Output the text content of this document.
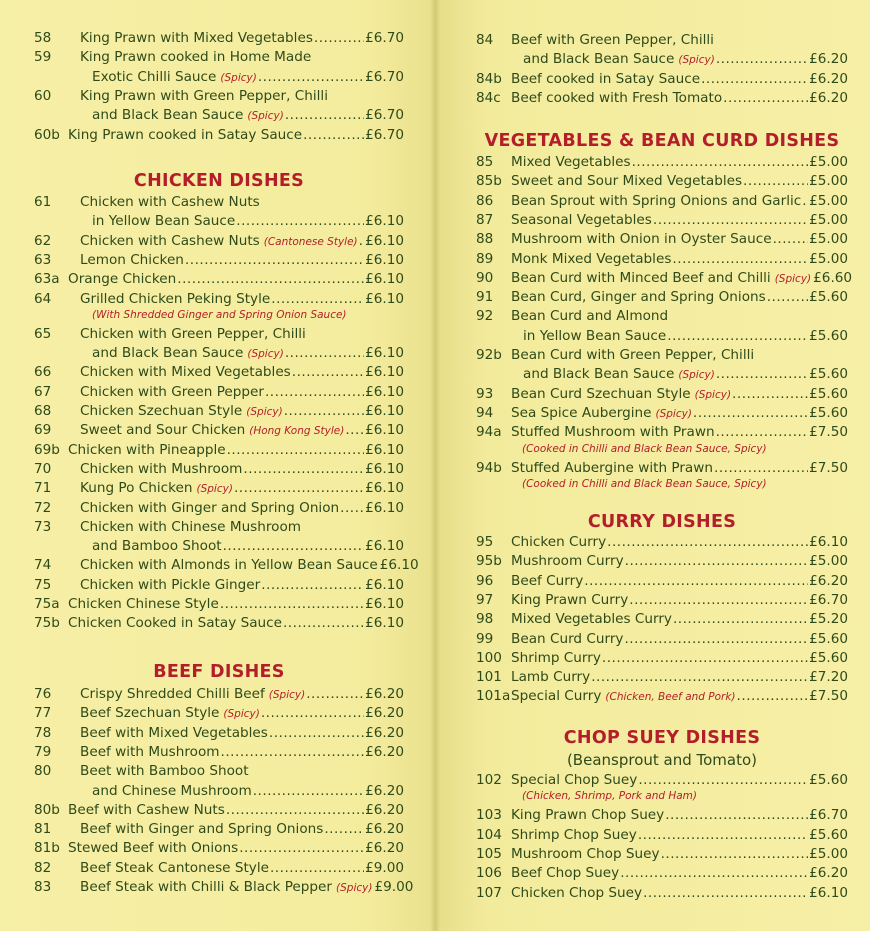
58 King Prawn with Mixed Vegetables .....	£6.70
59 King Prawn cooked in Home Made
Exotic Chilli Sauce (Spicy) .....	£6.70
60 King Prawn with Green Pepper, Chilli
and Black Bean Sauce (Spicy) .....	£6.70
60b King Prawn cooked in Satay Sauce .....	£6.70
CHICKEN DISHES
61 Chicken with Cashew Nuts
in Yellow Bean Sauce .....	£6.10
62 Chicken with Cashew Nuts (Cantonese Style) ..... £6.10
63 Lemon Chicken .....	£6.10
63a Orange Chicken .....	£6.10
64 Grilled Chicken Peking Style .....	£6.10
(With Shredded Ginger and Spring Onion Sauce)
65 Chicken with Green Pepper, Chilli
and Black Bean Sauce (Spicy) .....	£6.10
66 Chicken with Mixed Vegetables .....	£6.10
67 Chicken with Green Pepper .....	£6.10
68 Chicken Szechuan Style (Spicy) .....	£6.10
69 Sweet and Sour Chicken (Hong Kong Style) ..... £6.10
69b Chicken with Pineapple .....	£6.10
70 Chicken with Mushroom .....	£6.10
71 Kung Po Chicken (Spicy) .....	£6.10
72 Chicken with Ginger and Spring Onion ..... £6.10
73 Chicken with Chinese Mushroom
and Bamboo Shoot .....	£6.10
74 Chicken with Almonds in Yellow Bean Sauce £6.10
75 Chicken with Pickle Ginger .....	£6.10
75a Chicken Chinese Style .....	£6.10
75b Chicken Cooked in Satay Sauce .....	£6.10
BEEF DISHES
76 Crispy Shredded Chilli Beef (Spicy) .....	£6.20
77 Beef Szechuan Style (Spicy) .....	£6.20
78 Beef with Mixed Vegetables .....	£6.20
79 Beef with Mushroom .....	£6.20
80 Beet with Bamboo Shoot
and Chinese Mushroom .....	£6.20
80b Beef with Cashew Nuts .....	£6.20
81 Beef with Ginger and Spring Onions .....	£6.20
81b Stewed Beef with Onions .....	£6.20
82 Beef Steak Cantonese Style .....	£9.00
83 Beef Steak with Chilli & Black Pepper (Spicy) £9.00
84 Beef with Green Pepper, Chilli
and Black Bean Sauce (Spicy) .....	£6.20
84b Beef cooked in Satay Sauce .....	£6.20
84c Beef cooked with Fresh Tomato .....	£6.20
VEGETABLES & BEAN CURD DISHES
85 Mixed Vegetables .....	£5.00
85b Sweet and Sour Mixed Vegetables .....	£5.00
86 Bean Sprout with Spring Onions and Garlic ..... £5.00
87 Seasonal Vegetables .....	£5.00
88 Mushroom with Onion in Oyster Sauce .....	£5.00
89 Monk Mixed Vegetables .....	£5.00
90 Bean Curd with Minced Beef and Chilli (Spicy) £6.60
91 Bean Curd, Ginger and Spring Onions .....	£5.60
92 Bean Curd and Almond
in Yellow Bean Sauce .....	£5.60
92b Bean Curd with Green Pepper, Chilli
and Black Bean Sauce (Spicy) .....	£5.60
93 Bean Curd Szechuan Style (Spicy) .....	£5.60
94 Sea Spice Aubergine (Spicy) .....	£5.60
94a Stuffed Mushroom with Prawn .....	£7.50
(Cooked in Chilli and Black Bean Sauce, Spicy)
94b Stuffed Aubergine with Prawn .....	£7.50
(Cooked in Chilli and Black Bean Sauce, Spicy)
CURRY DISHES
95 Chicken Curry .....	£6.10
95b Mushroom Curry .....	£5.00
96 Beef Curry .....	£6.20
97 King Prawn Curry .....	£6.70
98 Mixed Vegetables Curry .....	£5.20
99 Bean Curd Curry .....	£5.60
100 Shrimp Curry .....	£5.60
101 Lamb Curry .....	£7.20
101a Special Curry (Chicken, Beef and Pork) .....	£7.50
CHOP SUEY DISHES
(Beansprout and Tomato)
102 Special Chop Suey .....	£5.60
(Chicken, Shrimp, Pork and Ham)
103 King Prawn Chop Suey .....	£6.70
104 Shrimp Chop Suey .....	£5.60
105 Mushroom Chop Suey .....	£5.00
106 Beef Chop Suey .....	£6.20
107 Chicken Chop Suey .....	£6.10
